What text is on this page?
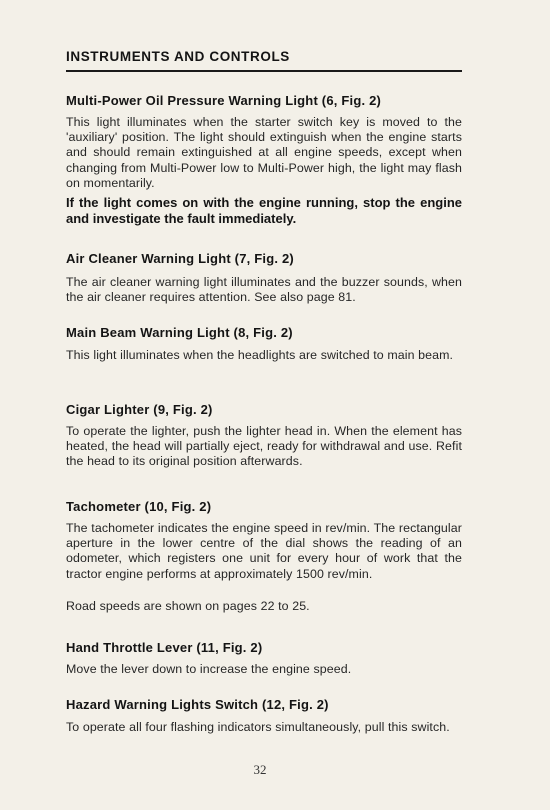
INSTRUMENTS AND CONTROLS
Multi-Power Oil Pressure Warning Light (6, Fig. 2)
This light illuminates when the starter switch key is moved to the 'auxiliary' position. The light should extinguish when the engine starts and should remain extinguished at all engine speeds, except when changing from Multi-Power low to Multi-Power high, the light may flash on momentarily.
If the light comes on with the engine running, stop the engine and investigate the fault immediately.
Air Cleaner Warning Light (7, Fig. 2)
The air cleaner warning light illuminates and the buzzer sounds, when the air cleaner requires attention. See also page 81.
Main Beam Warning Light (8, Fig. 2)
This light illuminates when the headlights are switched to main beam.
Cigar Lighter (9, Fig. 2)
To operate the lighter, push the lighter head in. When the element has heated, the head will partially eject, ready for withdrawal and use. Refit the head to its original position afterwards.
Tachometer (10, Fig. 2)
The tachometer indicates the engine speed in rev/min. The rectangular aperture in the lower centre of the dial shows the reading of an odometer, which registers one unit for every hour of work that the tractor engine performs at approximately 1500 rev/min.
Road speeds are shown on pages 22 to 25.
Hand Throttle Lever (11, Fig. 2)
Move the lever down to increase the engine speed.
Hazard Warning Lights Switch (12, Fig. 2)
To operate all four flashing indicators simultaneously, pull this switch.
32
